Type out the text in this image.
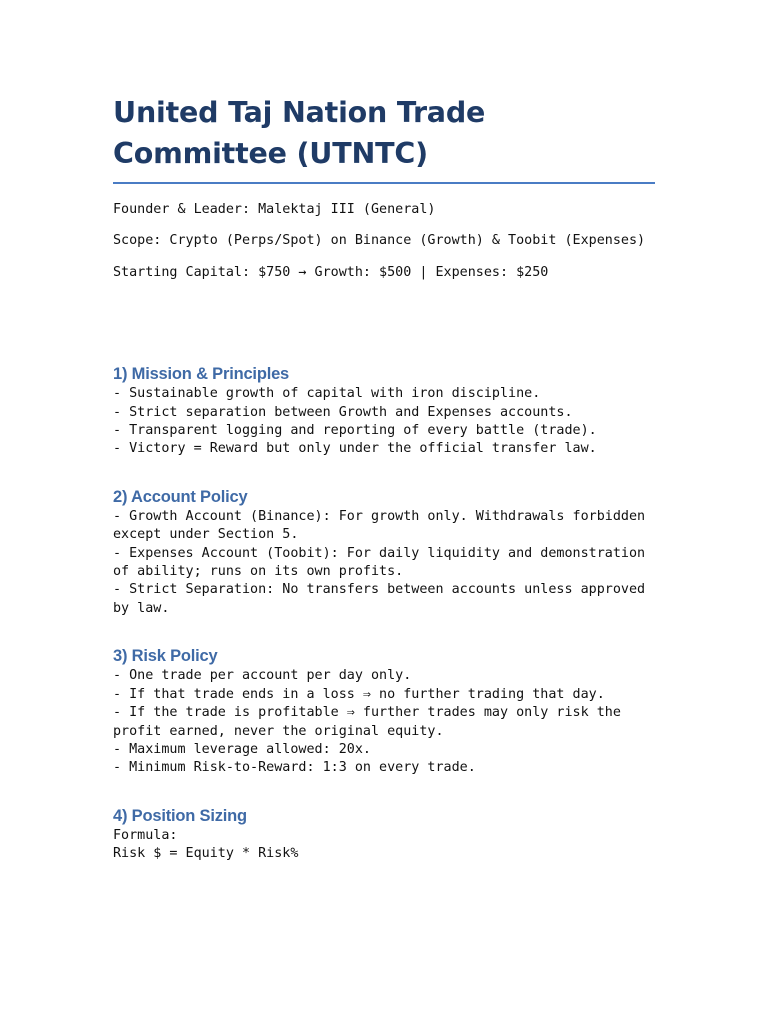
United Taj Nation Trade Committee (UTNTC)

Founder & Leader: Malektaj III (General)

Scope: Crypto (Perps/Spot) on Binance (Growth) & Toobit (Expenses)

Starting Capital: $750 → Growth: $500 | Expenses: $250

1) Mission & Principles

- Sustainable growth of capital with iron discipline.
- Strict separation between Growth and Expenses accounts.
- Transparent logging and reporting of every battle (trade).
- Victory = Reward but only under the official transfer law.

2) Account Policy

- Growth Account (Binance): For growth only. Withdrawals forbidden except under Section 5.
- Expenses Account (Toobit): For daily liquidity and demonstration of ability; runs on its own profits.
- Strict Separation: No transfers between accounts unless approved by law.

3) Risk Policy

- One trade per account per day only.
- If that trade ends in a loss ⇒ no further trading that day.
- If the trade is profitable ⇒ further trades may only risk the profit earned, never the original equity.
- Maximum leverage allowed: 20x.
- Minimum Risk-to-Reward: 1:3 on every trade.

4) Position Sizing

Formula:
Risk $ = Equity * Risk%
